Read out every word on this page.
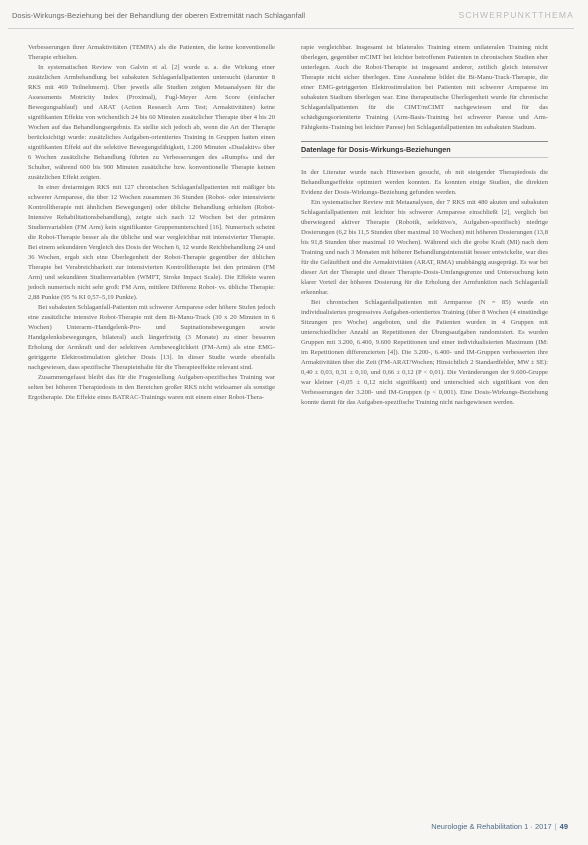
Dosis-Wirkungs-Beziehung bei der Behandlung der oberen Extremität nach Schlaganfall	SCHWERPUNKTTHEMA

Verbesserungen ihrer Armaktivitäten (TEMPA) als die Patienten, die keine konventionelle Therapie erhielten.

In systematischen Review von Galvin et al. [2] wurde u. a. die Wirkung einer zusätzlichen Armbehandlung bei subakuten Schlaganfallpatienten untersucht (darunter 8 RKS mit 469 Teilnehmern). Über jeweils alle Studien zeigten Metaanalysen für die Assessments Motricity Index (Proximal), Fugl-Meyer Arm Score (einfacher Bewegungsablauf) und ARAT (Action Research Arm Test; Armaktivitäten) keine signifikanten Effekte von wöchentlich 24 bis 60 Minuten zusätzlicher Therapie über 4 bis 20 Wochen auf das Behandlungsergebnis. Es stellte sich jedoch ab, wenn die Art der Therapie berücksichtigt wurde: zusätzliches Aufgaben-orientiertes Training in Gruppen hatten einen signifikanten Effekt auf die selektive Bewegungsfähigkeit, 1.200 Minuten «Dualaktiv» über 6 Wochen zusätzliche Behandlung führten zu Verbesserungen des «Rumpfs» und der Schulter, während 600 bis 900 Minuten zusätzliche bzw. konventionelle Therapie keinen zusätzlichen Effekt zeigten.

In einer dreiarmigen RKS mit 127 chronischen Schlaganfallpatienten mit mäßiger bis schwerer Armparese, die über 12 Wochen zusammen 36 Stunden (Robot- oder intensivierte Kontrolltherapie mit ähnlichen Bewegungen) oder übliche Behandlung erhielten (Robot-Intensive Rehabilitationsbehandlung), zeigte sich nach 12 Wochen bei der primären Studienvariablen (FM Arm) kein signifikanter Gruppenunterschied [16]. Numerisch scheint die Robot-Therapie besser als die übliche und war vergleichbar mit intensivierter Therapie. Bei einem sekundären Vergleich des Dosis der Wochen 6, 12 wurde Reichbehandlung 24 und 36 Wochen, ergab sich eine Überlegenheit der Robot-Therapie gegenüber der üblichen Therapie bei Verabreichbarkeit zur intensivierten Kontrolltherapie bei den primären (FM Arm) und sekundären Studienvariablen (WMFT, Stroke Impact Scale). Die Effekte waren jedoch numerisch nicht sehr groß: FM Arm, mittlere Differenz Robot- vs. übliche Therapie: 2,88 Punkte (95 % KI 0,57–5,19 Punkte).

Bei subakuten Schlaganfall-Patienten mit schwerer Armparese oder höhere Stufen jedoch eine zusätzliche intensive Robot-Therapie mit dem Bi-Manu-Track (30 x 20 Minuten in 6 Wochen) Unterarm-/Handgelenk-Pro- und Supinationsbewegungen sowie Handgelenksbewegungen, bilateral) auch längerfristig (3 Monate) zu einer besseren Erholung der Armkraft und der selektiven Armbeweglichkeit (FM-Arm) als eine EMG-getriggerte Elektrostimulation gleicher Dosis [13]. In dieser Studie wurde ebenfalls nachgewiesen, dass spezifische Therapieinhalte für die Therapieeffekte relevant sind.

Zusammengefasst bleibt das für die Fragestellung Aufgaben-spezifisches Training war selten bei höheren Therapiedosis in den Bereichen großer RKS nicht wirksamer als sonstige Ergotherapie. Die Effekte eines BATRAC-Trainings waren mit einem einer Robot-Thera-

rapie vergleichbar. Insgesamt ist bilaterales Training einem unilateralen Training nicht überlegen, gegenüber mCIMT bei leichter betroffenen Patienten in chronischen Studien eher unterlegen. Auch die Robot-Therapie ist insgesamt anderer, zeitlich gleich intensiver Therapie nicht sicher überlegen. Eine Ausnahme bildet die Bi-Manu-Track-Therapie, die einer EMG-getriggerten Elektrostimulation bei Patienten mit schwerer Armparese im subakuten Stadium überlegen war. Eine therapeutische Überlegenheit wurde für chronische Schlaganfallpatienten für die CIMT/mCIMT nachgewiesen und für das schädigungsorientierte Training (Arm-Basis-Training bei schwerer Parese und Arm-Fähigkeits-Training bei leichter Parese) bei Schlaganfallpatienten im subakuten Stadium.

Datenlage für Dosis-Wirkungs-Beziehungen

In der Literatur wurde nach Hinweisen gesucht, ob mit steigender Therapiedosis die Behandlungseffekte optimiert werden konnten. Es konnten einige Studien, die direkten Evidenz der Dosis-Wirkungs-Beziehung gefunden werden.

Ein systematischer Review mit Metaanalysen, der 7 RKS mit 480 akuten und subakuten Schlaganfallpatienten mit leichter bis schwerer Armparese einschließt [2], verglich bei überwiegend aktiver Therapie (Robotik, selektive/s, Aufgaben-spezifisch) niedrige Dosierungen (6,2 bis 11,5 Stunden über maximal 10 Wochen) mit höheren Dosierungen (13,8 bis 91,8 Stunden über maximal 10 Wochen). Während sich die grobe Kraft (MI) nach dem Training und nach 3 Monaten mit höherer Behandlungsintensität besser entwickelte, war dies für die Geläuftheit und die Armaktivitäten (ARAT, RMA) unabhängig ausgeprägt. Es war bei dieser Art der Therapie und dieser Therapie-Dosis-Umfangsgrenze und Untersuchung kein klarer Vorteil der höheren Dosierung für die Erholung der Armfunktion nach Schlaganfall erkennbar.

Bei chronischen Schlaganfallpatienten mit Armparese (N = 85) wurde ein individualisiertes progressives Aufgaben-orientiertes Training (über 8 Wochen (4 einstündige Sitzungen pro Woche) angeboten, und die Patienten wurden in 4 Gruppen mit unterschiedlicher Anzahl an Repetitionen der Übungsaufgaben randomisiert. Es wurden Gruppen mit 3.200, 6.400, 9.600 Repetitionen und einer individualisierten Maximum (IM: im Repetitionen differenzierten [4]). Die 3.200-, 6.400- und IM-Gruppen verbesserten ihre Armaktivitäten über die Zeit (FM-ARAT/Wochen; Hinsichtlich 2 Standardfehler, MW ± SE): 0,40 ± 0,03, 0,31 ± 0,10, und 0,66 ± 0,12 (P < 0,01). Die Veränderungen der 9.600-Gruppe war kleiner (-0,05 ± 0,12 nicht signifikant) und unterschied sich signifikant von den Verbesserungen der 3.200- und IM-Gruppen (p < 0,001). Eine Dosis-Wirkungs-Beziehung konnte damit für das Aufgaben-spezifische Training nicht nachgewiesen werden.

Neurologie & Rehabilitation 1 · 2017 | 49
